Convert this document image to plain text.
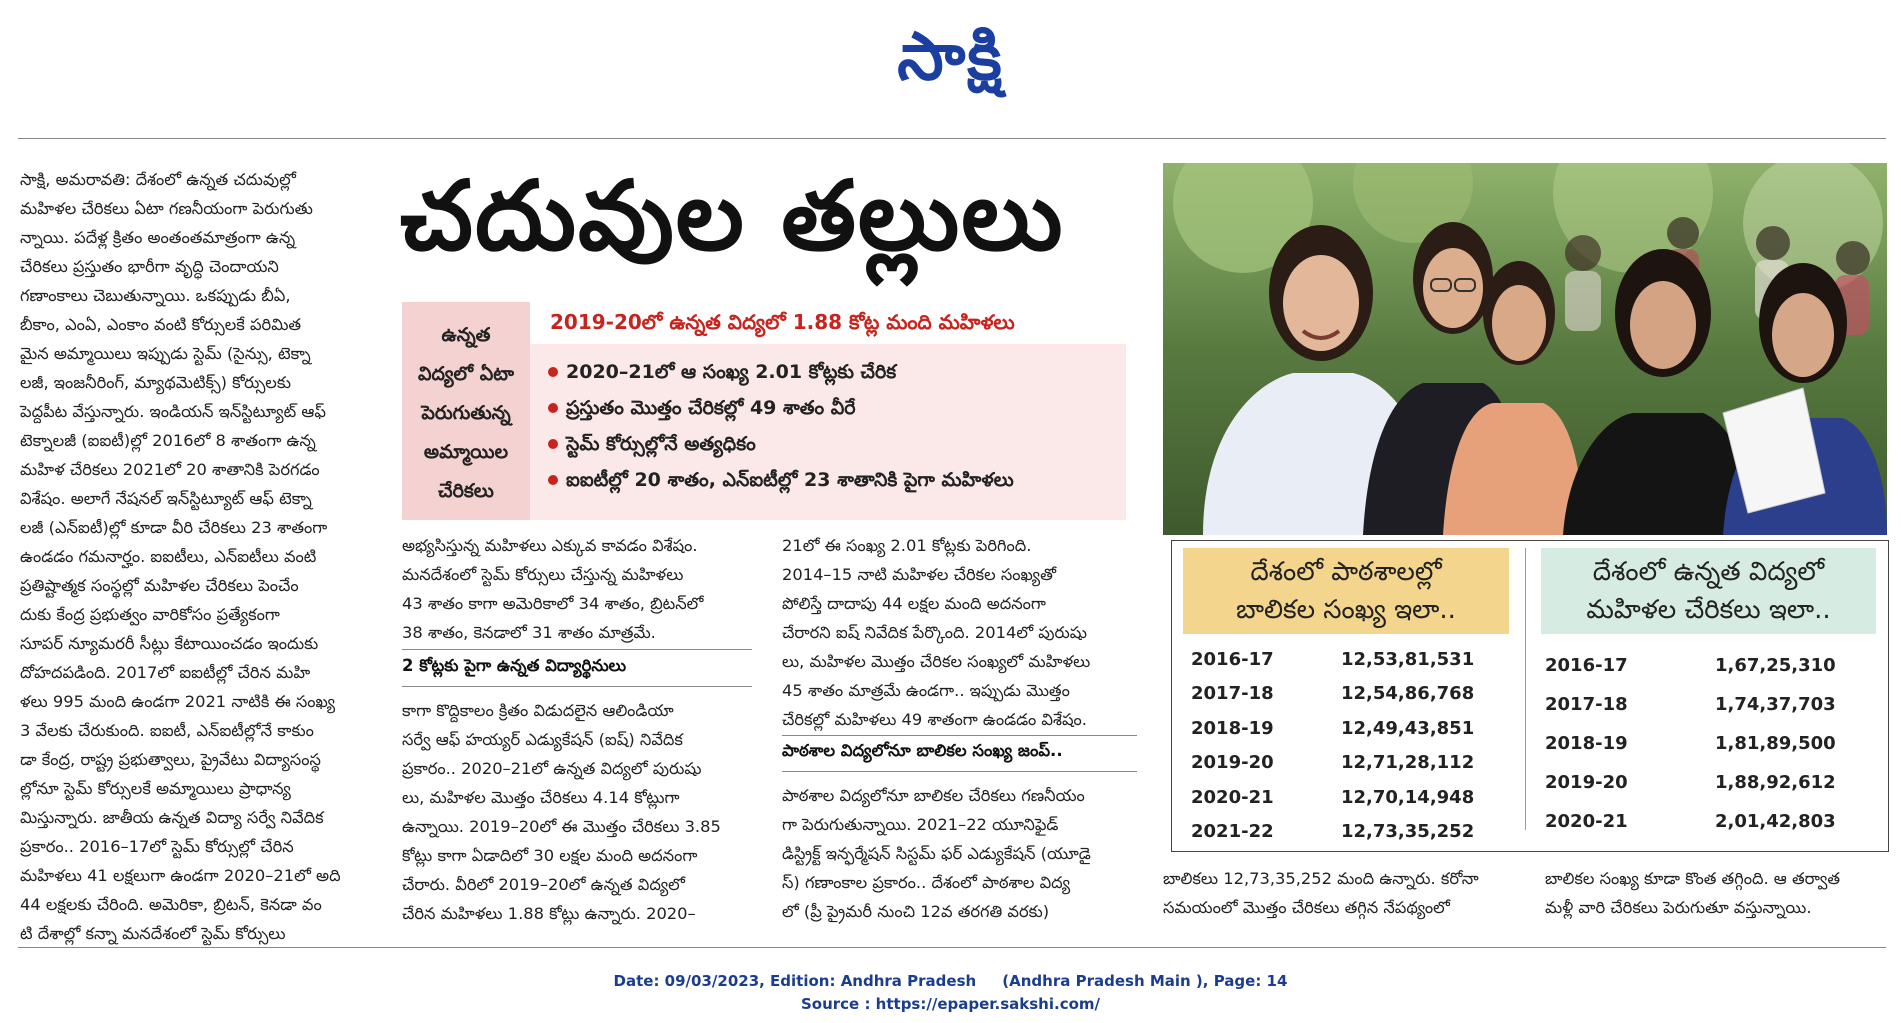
సాక్షి
సాక్షి, అమరావతి: దేశంలో ఉన్నత చదువుల్లో
మహిళల చేరికలు ఏటా గణనీయంగా పెరుగుతు
న్నాయి. పదేళ్ల క్రితం అంతంతమాత్రంగా ఉన్న
చేరికలు ప్రస్తుతం భారీగా వృద్ధి చెందాయని
గణాంకాలు చెబుతున్నాయి. ఒకప్పుడు బీఏ,
బీకాం, ఎంఏ, ఎంకాం వంటి కోర్సులకే పరిమిత
మైన అమ్మాయిలు ఇప్పుడు స్టెమ్ (సైన్సు, టెక్నా
లజీ, ఇంజనీరింగ్, మ్యాథమెటిక్స్) కోర్సులకు
పెద్దపీట వేస్తున్నారు. ఇండియన్ ఇన్‌స్టిట్యూట్ ఆఫ్
టెక్నాలజీ (ఐఐటీ)ల్లో 2016లో 8 శాతంగా ఉన్న
మహిళ చేరికలు 2021లో 20 శాతానికి పెరగడం
విశేషం. అలాగే నేషనల్ ఇన్‌స్టిట్యూట్ ఆఫ్ టెక్నా
లజీ (ఎన్ఐటీ)ల్లో కూడా వీరి చేరికలు 23 శాతంగా
ఉండడం గమనార్హం. ఐఐటీలు, ఎన్ఐటీలు వంటి
ప్రతిష్టాత్మక సంస్థల్లో మహిళల చేరికలు పెంచేం
దుకు కేంద్ర ప్రభుత్వం వారికోసం ప్రత్యేకంగా
సూపర్ న్యూమరరీ సీట్లు కేటాయించడం ఇందుకు
దోహదపడింది. 2017లో ఐఐటీల్లో చేరిన మహి
ళలు 995 మంది ఉండగా 2021 నాటికి ఈ సంఖ్య
3 వేలకు చేరుకుంది. ఐఐటీ, ఎన్ఐటీల్లోనే కాకుం
డా కేంద్ర, రాష్ట్ర ప్రభుత్వాలు, ప్రైవేటు విద్యాసంస్థ
ల్లోనూ స్టెమ్ కోర్సులకే అమ్మాయిలు ప్రాధాన్య
మిస్తున్నారు. జాతీయ ఉన్నత విద్యా సర్వే నివేదిక
ప్రకారం.. 2016–17లో స్టెమ్ కోర్సుల్లో చేరిన
మహిళలు 41 లక్షలుగా ఉండగా 2020–21లో అది
44 లక్షలకు చేరింది. అమెరికా, బ్రిటన్, కెనడా వం
టి దేశాల్లో కన్నా మనదేశంలో స్టెమ్ కోర్సులు
చదువుల తల్లులు
ఉన్నత
విద్యలో ఏటా
పెరుగుతున్న
అమ్మాయిల
చేరికలు
2019-20లో ఉన్నత విద్యలో 1.88 కోట్ల మంది మహిళలు
2020–21లో ఆ సంఖ్య 2.01 కోట్లకు చేరిక
ప్రస్తుతం మొత్తం చేరికల్లో 49 శాతం వీరే
స్టెమ్ కోర్సుల్లోనే అత్యధికం
ఐఐటీల్లో 20 శాతం, ఎన్ఐటీల్లో 23 శాతానికి పైగా మహిళలు
అభ్యసిస్తున్న మహిళలు ఎక్కువ కావడం విశేషం.
మనదేశంలో స్టెమ్ కోర్సులు చేస్తున్న మహిళలు
43 శాతం కాగా అమెరికాలో 34 శాతం, బ్రిటన్‌లో
38 శాతం, కెనడాలో 31 శాతం మాత్రమే.
2 కోట్లకు పైగా ఉన్నత విద్యార్థినులు
కాగా కొద్దికాలం క్రితం విడుదలైన ఆలిండియా
సర్వే ఆఫ్ హయ్యర్ ఎడ్యుకేషన్ (ఐష్) నివేదిక
ప్రకారం.. 2020–21లో ఉన్నత విద్యలో పురుషు
లు, మహిళల మొత్తం చేరికలు 4.14 కోట్లుగా
ఉన్నాయి. 2019–20లో ఈ మొత్తం చేరికలు 3.85
కోట్లు కాగా ఏడాదిలో 30 లక్షల మంది అదనంగా
చేరారు. వీరిలో 2019–20లో ఉన్నత విద్యలో
చేరిన మహిళలు 1.88 కోట్లు ఉన్నారు. 2020–
21లో ఈ సంఖ్య 2.01 కోట్లకు పెరిగింది.
2014–15 నాటి మహిళల చేరికల సంఖ్యతో
పోలిస్తే దాదాపు 44 లక్షల మంది అదనంగా
చేరారని ఐష్ నివేదిక పేర్కొంది. 2014లో పురుషు
లు, మహిళల మొత్తం చేరికల సంఖ్యలో మహిళలు
45 శాతం మాత్రమే ఉండగా.. ఇప్పుడు మొత్తం
చేరికల్లో మహిళలు 49 శాతంగా ఉండడం విశేషం.
పాఠశాల విద్యలోనూ బాలికల సంఖ్య జంప్..
పాఠశాల విద్యలోనూ బాలికల చేరికలు గణనీయం
గా పెరుగుతున్నాయి. 2021–22 యూనిఫైడ్
డిస్ట్రిక్ట్ ఇన్ఫర్మేషన్ సిస్టమ్ ఫర్ ఎడ్యుకేషన్ (యూడై
స్) గణాంకాల ప్రకారం.. దేశంలో పాఠశాల విద్య
లో (ప్రీ ప్రైమరీ నుంచి 12వ తరగతి వరకు)
దేశంలో పాఠశాలల్లో
బాలికల సంఖ్య ఇలా..
2016-17	12,53,81,531
2017-18	12,54,86,768
2018-19	12,49,43,851
2019-20	12,71,28,112
2020-21	12,70,14,948
2021-22	12,73,35,252
దేశంలో ఉన్నత విద్యలో
మహిళల చేరికలు ఇలా..
2016-17	1,67,25,310
2017-18	1,74,37,703
2018-19	1,81,89,500
2019-20	1,88,92,612
2020-21	2,01,42,803
బాలికలు 12,73,35,252 మంది ఉన్నారు. కరోనా
సమయంలో మొత్తం చేరికలు తగ్గిన నేపథ్యంలో
బాలికల సంఖ్య కూడా కొంత తగ్గింది. ఆ తర్వాత
మళ్లీ వారి చేరికలు పెరుగుతూ వస్తున్నాయి.
Date: 09/03/2023, Edition: Andhra Pradesh     (Andhra Pradesh Main ), Page: 14
Source : https://epaper.sakshi.com/
